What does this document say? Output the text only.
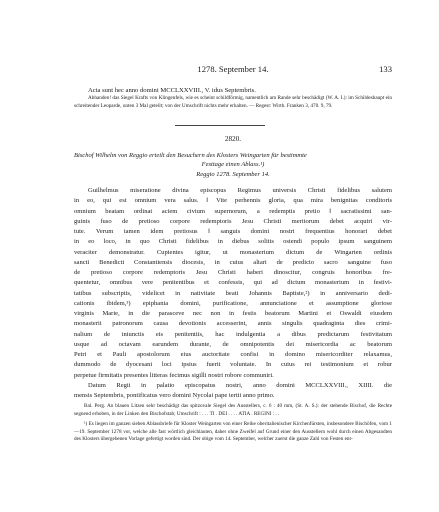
1278. September 14.	133
Acta sunt hec anno domini MCCLXXVIII., V. idus Septembris.
Abhanden! das Siegel Krafts von Klingenfels, wie es scheint schildförmig, namentlich am Rande sehr beschädigt (W. A. I.): im Schildeshaupt ein schreitender Leoparde, unten 3 Mal geteilt; von der Umschrift nichts mehr erhalten. — Regest: Wirth. Franken 3, 470. 9, 79.
2820.
Bischof Wilhelm von Reggio erteilt den Besuchern des Klosters Weingarten für bestimmte
Festtage einen Ablass.¹)
Reggio 1278. September 14.
Guilhelmus miseratione divina episcopus Regimus universis Christi fidelibus salutem
in eo, qui est omnium vera salus. ‖ Vite perhennis gloria, qua mira benignitas conditoris
omnium beatam ordinat aciem civium supernorum, a redemptis pretio ‖ sacratissimi san-
guinis fuso de pretioso corpore redemptoris Jesu Christi meritorum debet acquiri vir-
tute. Verum tamen idem pretiosus ‖ sanguis domini nostri frequentius honorari debet
in eo loco, in quo Christi fidelibus in diebus solitis ostendi populo ipsum sanguinem
veraciter demonstratur. Cupientes igitur, ut monasterium dictum de Wingarten ordinis
sancti Benedicti Constantiensis diocesis, in cuius altari de predicto sacro sanguine fuso
de pretioso corpore redemptoris Jesu Christi haberi dinoscitur, congruis honoribus fre-
quentetur, omnibus vere penitentibus et confessis, qui ad dictum monasterium in festivi-
tatibus subscriptis, videlicet in nativitate beati Johannis Baptiste,²) in anniversario dedi-
cationis ibidem,³) epiphania domini, purificatione, annunciatione et assumptione gloriose
virginis Marie, in die parasceve nec non in festis beatorum Martini et Oswaldi eiusdem
monasterii patronorum causa devotionis accesserint, annis singulis quadraginta dies crimi-
nalium de iniunctis eis penitentiis, hac indulgentia a dibus predictarum festivitatum
usque ad octavam earundem durante, de omnipotentis dei misericordia ac beatorum
Petri et Pauli apostolorum eius auctoritate confisi in domino misericorditer relaxamus,
dummodo de dyocesani loci ipsius fuerit voluntate. In cuius rei testimonium et robur
perpetue firmitatis presentes litteras fecimus sigilli nostri robore communiri.
Datum Regii in palatio episcopatus nostri, anno domini MCCLXXVIII., XIIII. die
mensis Septembris, pontificatus vero domini Nycolai pape tertii anno primo.
Bal. Perg. An blauen Litzen sehr beschädigt das spitzovale Siegel des Ausstellers, c. 6 : 40 mm, (St. A. S.): der stehende Bischof, die Rechte segnend erhoben, in der Linken den Bischofstab; Umschrift : . . . TI . DEI . . . . ATIA . REGINI : . .
¹) Es liegen im ganzen sieben Ablassbriefe für Kloster Weingarten von einer Reihe oberitalienischer Kirchenfürsten, insbesondere Bischöfen, vom 1—19. September 1278 vor, welche alle fast wörtlich gleichlauten, daher ohne Zweifel auf Grund einer den Ausstellern wohl durch einen Abgesandten des Klosters übergebenen Vorlage gefertigt worden sind. Der obige vom 14. September, welcher zuerst die ganze Zahl von Festen ent-
